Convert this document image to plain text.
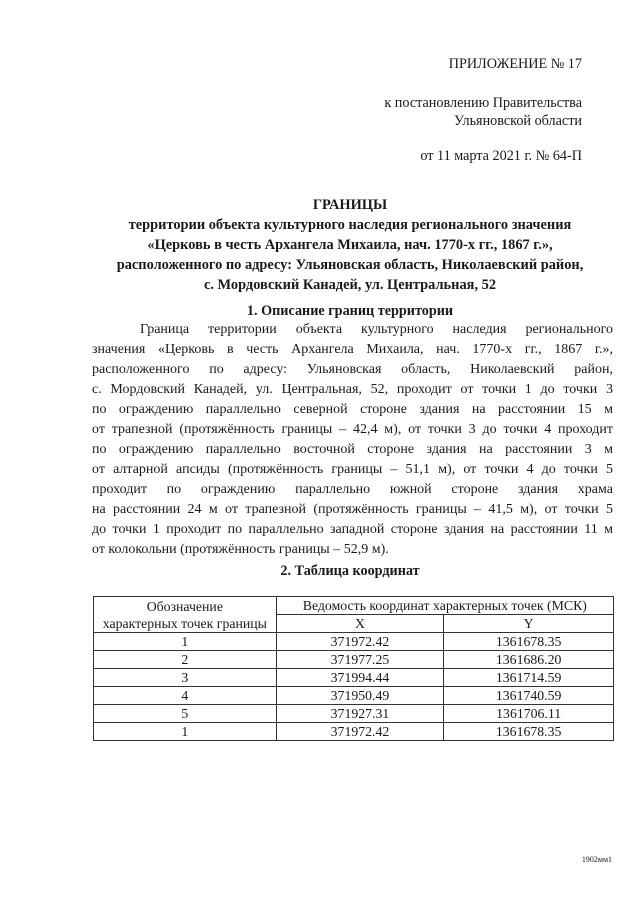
ПРИЛОЖЕНИЕ № 17
к постановлению Правительства
Ульяновской области
от 11 марта 2021 г. № 64-П
ГРАНИЦЫ
территории объекта культурного наследия регионального значения
«Церковь в честь Архангела Михаила, нач. 1770-х гг., 1867 г.»,
расположенного по адресу: Ульяновская область, Николаевский район,
с. Мордовский Канадей, ул. Центральная, 52
1. Описание границ территории
Граница территории объекта культурного наследия регионального
значения «Церковь в честь Архангела Михаила, нач. 1770-х гг., 1867 г.»,
расположенного по адресу: Ульяновская область, Николаевский район,
с. Мордовский Канадей, ул. Центральная, 52, проходит от точки 1 до точки 3
по ограждению параллельно северной стороне здания на расстоянии 15 м
от трапезной (протяжённость границы – 42,4 м), от точки 3 до точки 4 проходит
по ограждению параллельно восточной стороне здания на расстоянии 3 м
от алтарной апсиды (протяжённость границы – 51,1 м), от точки 4 до точки 5
проходит по ограждению параллельно южной стороне здания храма
на расстоянии 24 м от трапезной (протяжённость границы – 41,5 м), от точки 5
до точки 1 проходит по параллельно западной стороне здания на расстоянии 11 м
от колокольни (протяжённость границы – 52,9 м).
2. Таблица координат
Обозначение
характерных точек границы	Ведомость координат характерных точек (МСК)	
	X	Y
1	371972.42	1361678.35
2	371977.25	1361686.20
3	371994.44	1361714.59
4	371950.49	1361740.59
5	371927.31	1361706.11
1	371972.42	1361678.35
1902мм1
